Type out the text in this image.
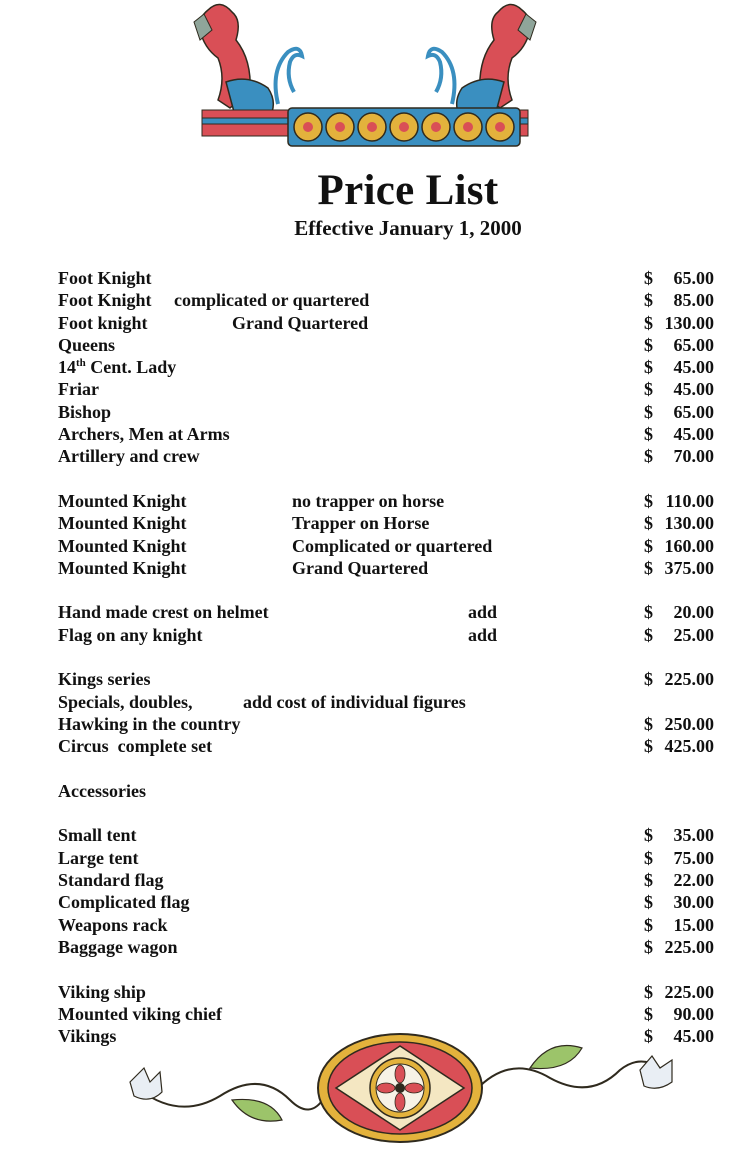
Price List
Effective January 1, 2000
Foot Knight	$ 65.00
Foot Knight complicated or quartered	$ 85.00
Foot knight	Grand Quartered	$ 130.00
Queens	$ 65.00
14th Cent. Lady	$ 45.00
Friar	$ 45.00
Bishop	$ 65.00
Archers, Men at Arms	$ 45.00
Artillery and crew	$ 70.00
Mounted Knight	no trapper on horse	$ 110.00
Mounted Knight	Trapper on Horse	$ 130.00
Mounted Knight	Complicated or quartered	$ 160.00
Mounted Knight	Grand Quartered	$ 375.00
Hand made crest on helmet	add	$ 20.00
Flag on any knight	add	$ 25.00
Kings series	$ 225.00
Specials, doubles,	add cost of individual figures
Hawking in the country	$ 250.00
Circus  complete set	$ 425.00
Accessories
Small tent	$ 35.00
Large tent	$ 75.00
Standard flag	$ 22.00
Complicated flag	$ 30.00
Weapons rack	$ 15.00
Baggage wagon	$ 225.00
Viking ship	$ 225.00
Mounted viking chief	$ 90.00
Vikings	$ 45.00
